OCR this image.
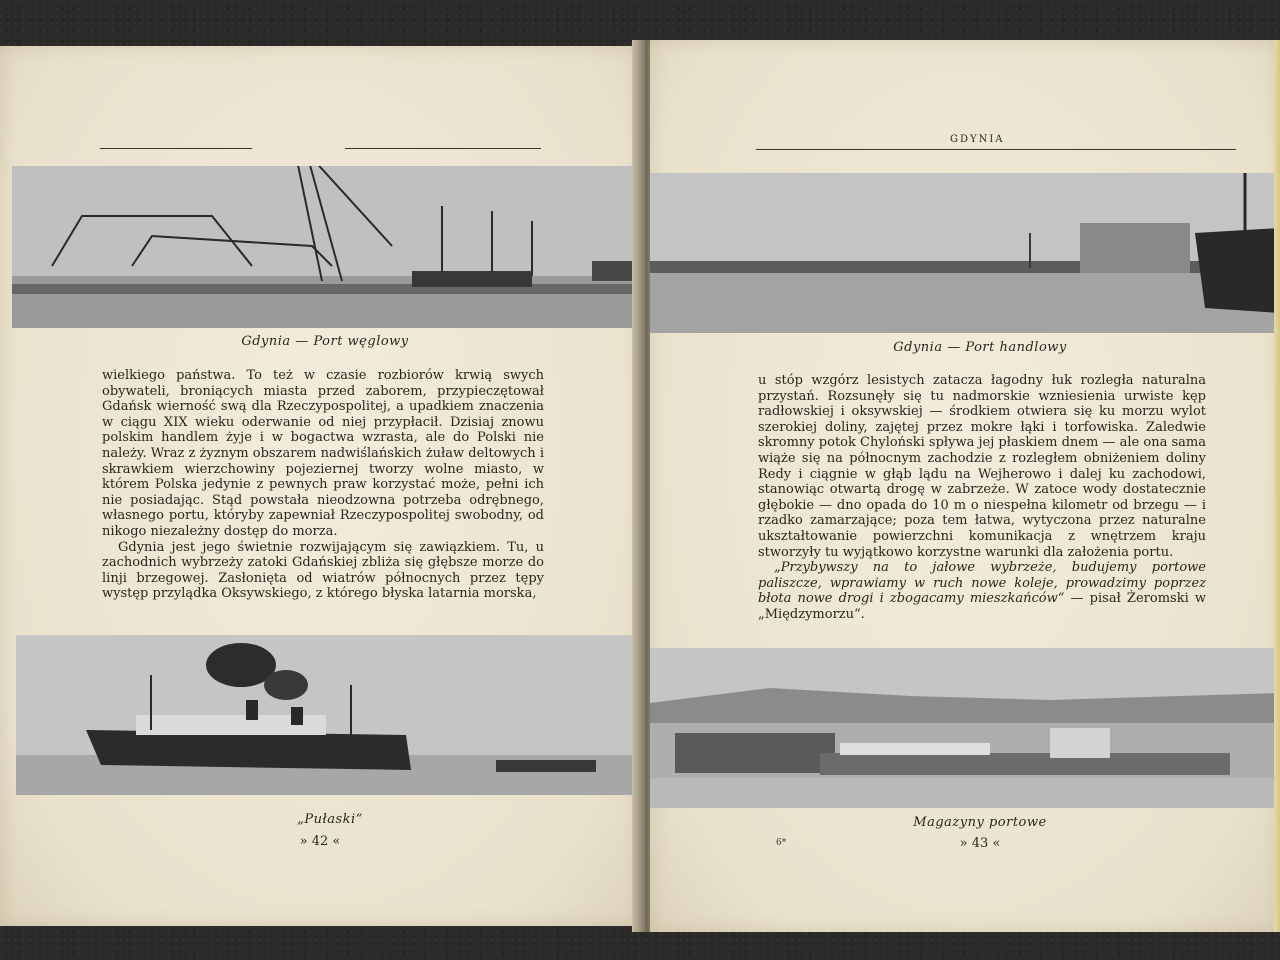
Gdynia — Port węglowy

wielkiego państwa. To też w czasie rozbiorów krwią swych obywateli, broniących miasta przed zaborem, przypieczętował Gdańsk wierność swą dla Rzeczypospolitej, a upadkiem znaczenia w ciągu XIX wieku oderwanie od niej przypłacił. Dzisiaj znowu polskim handlem żyje i w bogactwa wzrasta, ale do Polski nie należy. Wraz z żyznym obszarem nadwiślańskich żuław deltowych i skrawkiem wierzchowiny pojeziernej tworzy wolne miasto, w którem Polska jedynie z pewnych praw korzystać może, pełni ich nie posiadając. Stąd powstała nieodzowna potrzeba odrębnego, własnego portu, któryby zapewniał Rzeczypospolitej swobodny, od nikogo niezależny dostęp do morza.

Gdynia jest jego świetnie rozwijającym się zawiązkiem. Tu, u zachodnich wybrzeży zatoki Gdańskiej zbliża się głębsze morze do linji brzegowej. Zasłonięta od wiatrów północnych przez tępy występ przylądka Oksywskiego, z którego błyska latarnia morska,

„Pułaski“
» 42 «
GDYNIA
Gdynia — Port handlowy

u stóp wzgórz lesistych zatacza łagodny łuk rozległa naturalna przystań. Rozsunęły się tu nadmorskie wzniesienia urwiste kęp radłowskiej i oksywskiej — środkiem otwiera się ku morzu wylot szerokiej doliny, zajętej przez mokre łąki i torfowiska. Zaledwie skromny potok Chyloński spływa jej płaskiem dnem — ale ona sama wiąże się na północnym zachodzie z rozległem obniżeniem doliny Redy i ciągnie w głąb lądu na Wejherowo i dalej ku zachodowi, stanowiąc otwartą drogę w zabrzeże. W zatoce wody dostatecznie głębokie — dno opada do 10 m o niespełna kilometr od brzegu — i rzadko zamarzające; poza tem łatwa, wytyczona przez naturalne ukształtowanie powierzchni komunikacja z wnętrzem kraju stworzyły tu wyjątkowo korzystne warunki dla założenia portu.

„Przybywszy na to jałowe wybrzeże, budujemy portowe paliszcze, wprawiamy w ruch nowe koleje, prowadzimy poprzez błota nowe drogi i zbogacamy mieszkańców“ — pisał Żeromski w „Międzymorzu“.

Magazyny portowe
6*	» 43 «
